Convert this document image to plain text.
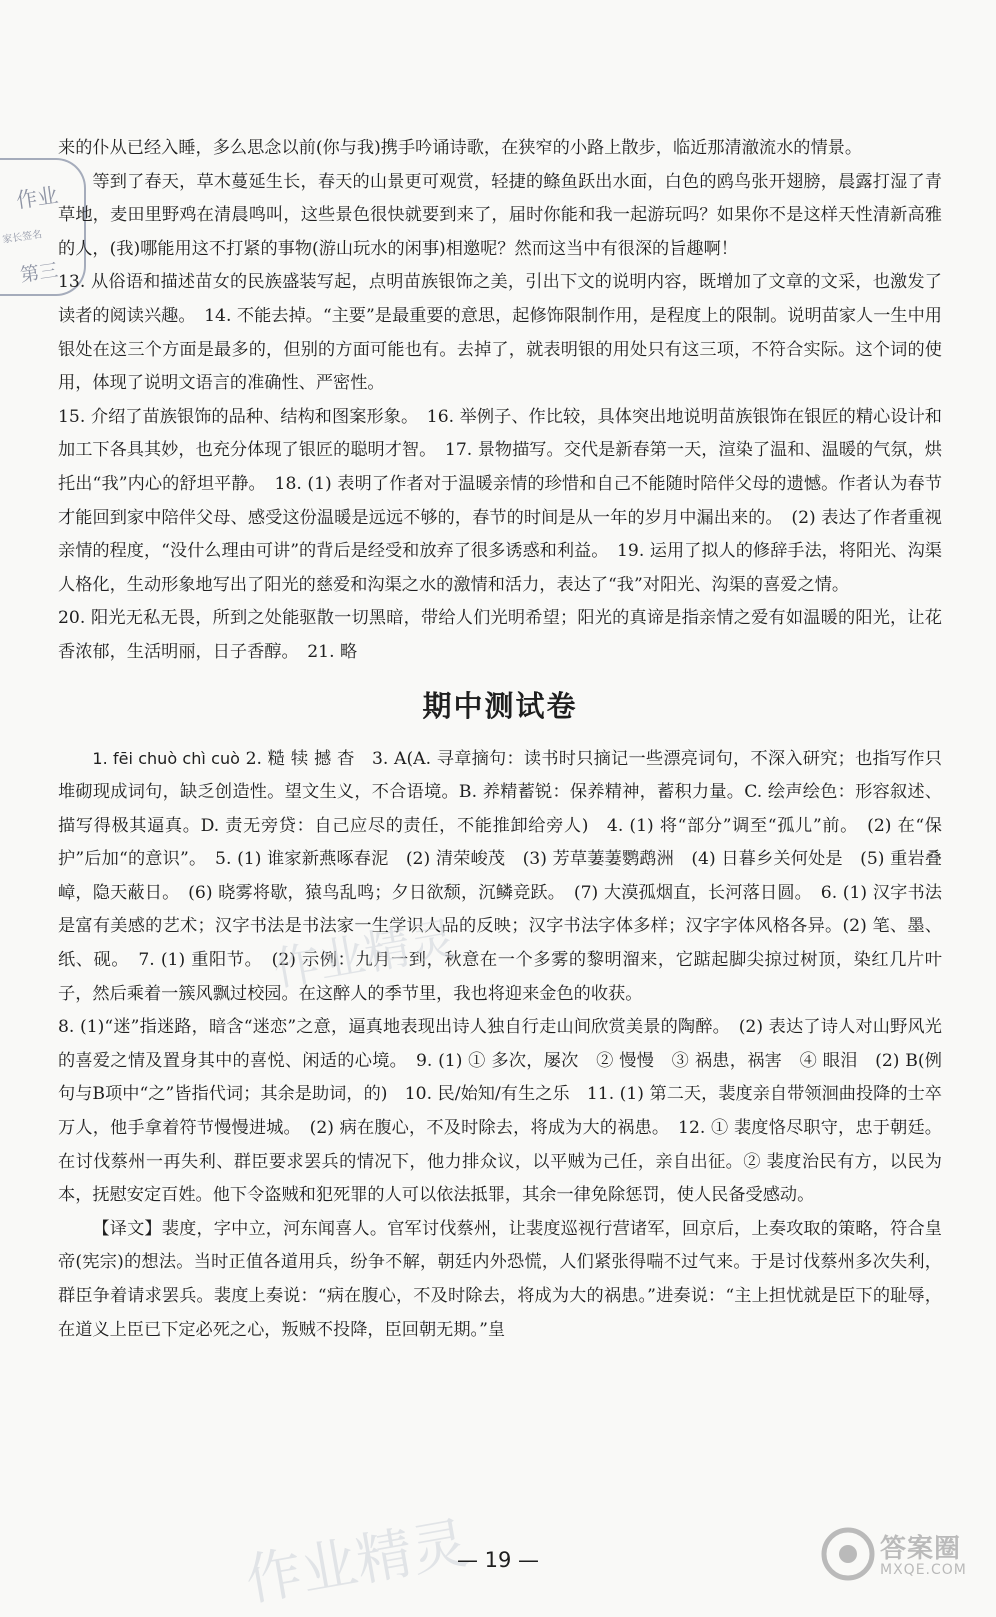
作业
家长签名
第三

来的仆从已经入睡，多么思念以前(你与我)携手吟诵诗歌，在狭窄的小路上散步，临近那清澈流水的情景。

等到了春天，草木蔓延生长，春天的山景更可观赏，轻捷的鲦鱼跃出水面，白色的鸥鸟张开翅膀，晨露打湿了青草地，麦田里野鸡在清晨鸣叫，这些景色很快就要到来了，届时你能和我一起游玩吗？如果你不是这样天性清新高雅的人，(我)哪能用这不打紧的事物(游山玩水的闲事)相邀呢？然而这当中有很深的旨趣啊！

13. 从俗语和描述苗女的民族盛装写起，点明苗族银饰之美，引出下文的说明内容，既增加了文章的文采，也激发了读者的阅读兴趣。　14. 不能去掉。“主要”是最重要的意思，起修饰限制作用，是程度上的限制。说明苗家人一生中用银处在这三个方面是最多的，但别的方面可能也有。去掉了，就表明银的用处只有这三项，不符合实际。这个词的使用，体现了说明文语言的准确性、严密性。

15. 介绍了苗族银饰的品种、结构和图案形象。　16. 举例子、作比较，具体突出地说明苗族银饰在银匠的精心设计和加工下各具其妙，也充分体现了银匠的聪明才智。　17. 景物描写。交代是新春第一天，渲染了温和、温暖的气氛，烘托出“我”内心的舒坦平静。　18. (1) 表明了作者对于温暖亲情的珍惜和自己不能随时陪伴父母的遗憾。作者认为春节才能回到家中陪伴父母、感受这份温暖是远远不够的，春节的时间是从一年的岁月中漏出来的。　(2) 表达了作者重视亲情的程度，“没什么理由可讲”的背后是经受和放弃了很多诱惑和利益。　19. 运用了拟人的修辞手法，将阳光、沟渠人格化，生动形象地写出了阳光的慈爱和沟渠之水的激情和活力，表达了“我”对阳光、沟渠的喜爱之情。

20. 阳光无私无畏，所到之处能驱散一切黑暗，带给人们光明希望；阳光的真谛是指亲情之爱有如温暖的阳光，让花香浓郁，生活明丽，日子香醇。　21. 略

期中测试卷

1. fēi chuò chì cuò 2. 糙 犊 撼 杳　3. A(A. 寻章摘句：读书时只摘记一些漂亮词句，不深入研究；也指写作只堆砌现成词句，缺乏创造性。望文生义，不合语境。B. 养精蓄锐：保养精神，蓄积力量。C. 绘声绘色：形容叙述、描写得极其逼真。D. 责无旁贷：自己应尽的责任，不能推卸给旁人)　4. (1) 将“部分”调至“孤儿”前。　(2) 在“保护”后加“的意识”。　5. (1) 谁家新燕啄春泥　(2) 清荣峻茂　(3) 芳草萋萋鹦鹉洲　(4) 日暮乡关何处是　(5) 重岩叠嶂，隐天蔽日。　(6) 晓雾将歇，猿鸟乱鸣；夕日欲颓，沉鳞竞跃。　(7) 大漠孤烟直，长河落日圆。　6. (1) 汉字书法是富有美感的艺术；汉字书法是书法家一生学识人品的反映；汉字书法字体多样；汉字字体风格各异。(2) 笔、墨、纸、砚。　7. (1) 重阳节。　(2) 示例：九月一到，秋意在一个多雾的黎明溜来，它踮起脚尖掠过树顶，染红几片叶子，然后乘着一簇风飘过校园。在这醉人的季节里，我也将迎来金色的收获。

8. (1)“迷”指迷路，暗含“迷恋”之意，逼真地表现出诗人独自行走山间欣赏美景的陶醉。　(2) 表达了诗人对山野风光的喜爱之情及置身其中的喜悦、闲适的心境。　9. (1) ① 多次，屡次　② 慢慢　③ 祸患，祸害　④ 眼泪　(2) B(例句与B项中“之”皆指代词；其余是助词，的)　10. 民/始知/有生之乐　11. (1) 第二天，裴度亲自带领洄曲投降的士卒万人，他手拿着符节慢慢进城。　(2) 病在腹心，不及时除去，将成为大的祸患。　12. ① 裴度恪尽职守，忠于朝廷。在讨伐蔡州一再失利、群臣要求罢兵的情况下，他力排众议，以平贼为己任，亲自出征。② 裴度治民有方，以民为本，抚慰安定百姓。他下令盗贼和犯死罪的人可以依法抵罪，其余一律免除惩罚，使人民备受感动。

【译文】裴度，字中立，河东闻喜人。官军讨伐蔡州，让裴度巡视行营诸军，回京后，上奏攻取的策略，符合皇帝(宪宗)的想法。当时正值各道用兵，纷争不解，朝廷内外恐慌，人们紧张得喘不过气来。于是讨伐蔡州多次失利，群臣争着请求罢兵。裴度上奏说：“病在腹心，不及时除去，将成为大的祸患。”进奏说：“主上担忧就是臣下的耻辱，在道义上臣已下定必死之心，叛贼不投降，臣回朝无期。”皇

作业精灵
作业精灵
— 19 —	答案圈
MXQE.COM
